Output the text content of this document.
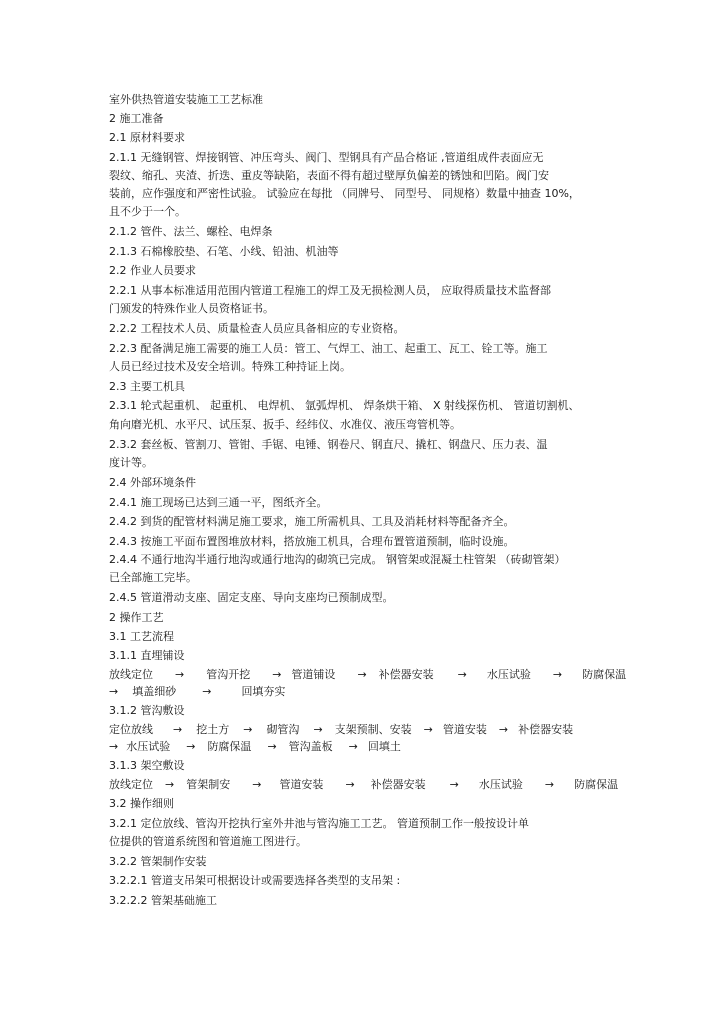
室外供热管道安装施工工艺标准
2 施工准备
2.1 原材料要求
2.1.1 无缝钢管、焊接钢管、冲压弯头、阀门、型钢具有产品合格证 ,管道组成件表面应无
裂纹、缩孔、夹渣、折迭、重皮等缺陷，表面不得有超过壁厚负偏差的锈蚀和凹陷。阀门安
装前，应作强度和严密性试验。 试验应在每批 （同牌号、 同型号、 同规格）数量中抽查 10%，
且不少于一个。
2.1.2 管件、法兰、螺栓、电焊条
2.1.3 石棉橡胶垫、石笔、小线、铅油、机油等
2.2 作业人员要求
2.2.1 从事本标准适用范围内管道工程施工的焊工及无损检测人员， 应取得质量技术监督部
门颁发的特殊作业人员资格证书。
2.2.2 工程技术人员、质量检查人员应具备相应的专业资格。
2.2.3 配备满足施工需要的施工人员：管工、气焊工、油工、起重工、瓦工、铨工等。施工
人员已经过技术及安全培训。特殊工种持证上岗。
2.3 主要工机具
2.3.1 轮式起重机、 起重机、 电焊机、 氩弧焊机、 焊条烘干箱、 X 射线探伤机、 管道切割机、
角向磨光机、水平尺、试压泵、扳手、经纬仪、水准仪、液压弯管机等。
2.3.2 套丝板、管割刀、管钳、手锯、电锤、钢卷尺、钢直尺、撬杠、钢盘尺、压力表、温
度计等。
2.4 外部环境条件
2.4.1 施工现场已达到三通一平，图纸齐全。
2.4.2 到货的配管材料满足施工要求，施工所需机具、工具及消耗材料等配备齐全。
2.4.3 按施工平面布置图堆放材料，搭放施工机具，合理布置管道预制，临时设施。
2.4.4 不通行地沟半通行地沟或通行地沟的砌筑已完成。 钢管架或混凝土柱管架 （砖砌管架）
已全部施工完毕。
2.4.5 管道滑动支座、固定支座、导向支座均已预制成型。
2 操作工艺
3.1 工艺流程
3.1.1 直埋铺设
放线定位 → 管沟开挖 → 管道铺设 → 补偿器安装 → 水压试验 → 防腐保温
→ 填盖细砂 →	回填夯实
3.1.2 管沟敷设
定位放线 → 挖土方 → 砌管沟 → 支架预制、安装 → 管道安装 → 补偿器安装
→ 水压试验 → 防腐保温 → 管沟盖板 → 回填土
3.1.3 架空敷设
放线定位 → 管架制安 → 管道安装 → 补偿器安装 → 水压试验 → 防腐保温
3.2 操作细则
3.2.1 定位放线、管沟开挖执行室外井池与管沟施工工艺。 管道预制工作一般按设计单
位提供的管道系统图和管道施工图进行。
3.2.2 管架制作安装
3.2.2.1 管道支吊架可根据设计或需要选择各类型的支吊架 :
3.2.2.2 管架基础施工
